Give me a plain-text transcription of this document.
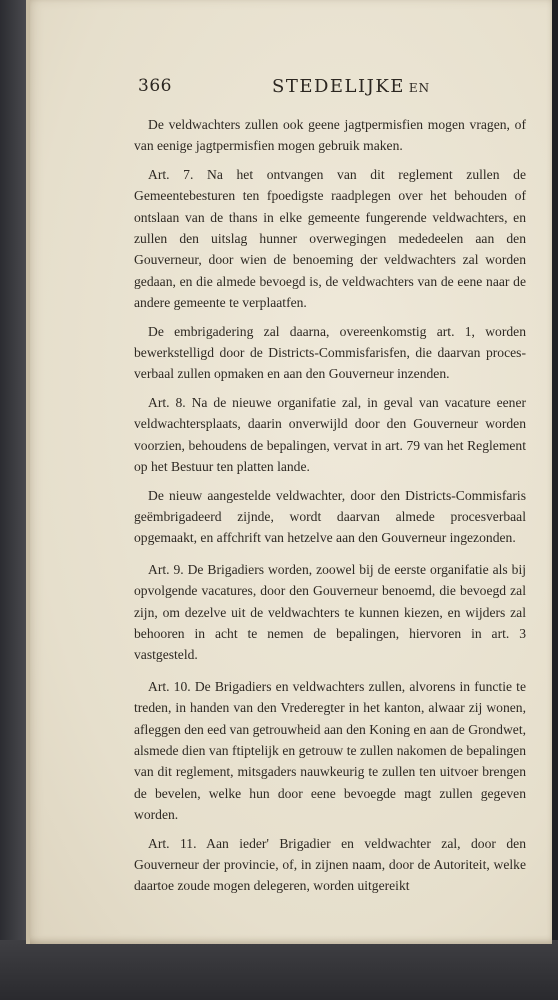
366	STEDELIJKE EN

De veldwachters zullen ook geene jagtpermisfien mogen vragen, of van eenige jagtpermisfien mogen gebruik maken.

Art. 7. Na het ontvangen van dit reglement zullen de Gemeentebesturen ten fpoedigste raadplegen over het behouden of ontslaan van de thans in elke gemeente fungerende veldwachters, en zullen den uitslag hunner overwegingen mededeelen aan den Gouverneur, door wien de benoeming der veldwachters zal worden gedaan, en die almede bevoegd is, de veldwachters van de eene naar de andere gemeente te verplaatfen.

De embrigadering zal daarna, overeenkomstig art. 1, worden bewerkstelligd door de Districts-Commisfarisfen, die daarvan proces-verbaal zullen opmaken en aan den Gouverneur inzenden.

Art. 8. Na de nieuwe organifatie zal, in geval van vacature eener veldwachtersplaats, daarin onverwijld door den Gouverneur worden voorzien, behoudens de bepalingen, vervat in art. 79 van het Reglement op het Bestuur ten platten lande.

De nieuw aangestelde veldwachter, door den Districts-Commisfaris geëmbrigadeerd zijnde, wordt daarvan almede procesverbaal opgemaakt, en affchrift van hetzelve aan den Gouverneur ingezonden.

Art. 9. De Brigadiers worden, zoowel bij de eerste organifatie als bij opvolgende vacatures, door den Gouverneur benoemd, die bevoegd zal zijn, om dezelve uit de veldwachters te kunnen kiezen, en wijders zal behooren in acht te nemen de bepalingen, hiervoren in art. 3 vastgesteld.

Art. 10. De Brigadiers en veldwachters zullen, alvorens in functie te treden, in handen van den Vrederegter in het kanton, alwaar zij wonen, afleggen den eed van getrouwheid aan den Koning en aan de Grondwet, alsmede dien van ftiptelijk en getrouw te zullen nakomen de bepalingen van dit reglement, mitsgaders nauwkeurig te zullen ten uitvoer brengen de bevelen, welke hun door eene bevoegde magt zullen gegeven worden.

Art. 11. Aan ieder' Brigadier en veldwachter zal, door den Gouverneur der provincie, of, in zijnen naam, door de Autoriteit, welke daartoe zoude mogen delegeren, worden uitgereikt
